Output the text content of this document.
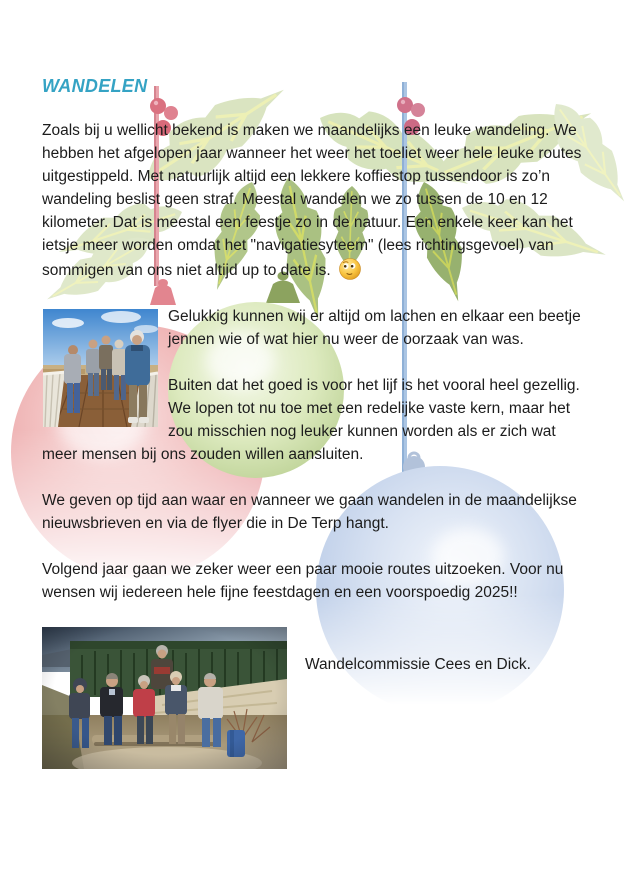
WANDELEN

Zoals bij u wellicht bekend is maken we maandelijks een leuke wandeling. We hebben het afgelopen jaar wanneer het weer het toeliet weer hele leuke routes uitgestippeld. Met natuurlijk altijd een lekkere koffiestop tussendoor is zo’n wandeling beslist geen straf. Meestal wandelen we zo tussen de 10 en 12 kilometer. Dat is meestal een feestje zo in de natuur. Een enkele keer kan het ietsje meer worden omdat het "navigatiesyteem" (lees richtingsgevoel) van sommigen van ons niet altijd up to date is.

Gelukkig kunnen wij er altijd om lachen en elkaar een beetje jennen wie of wat hier nu weer de oorzaak van was.

Buiten dat het goed is voor het lijf is het vooral heel gezellig. We lopen tot nu toe met een redelijke vaste kern, maar het zou misschien nog leuker kunnen worden als er zich wat meer mensen bij ons zouden willen aansluiten.

We geven op tijd aan waar en wanneer we gaan wandelen in de maandelijkse nieuwsbrieven en via de flyer die in De Terp hangt.

Volgend jaar gaan we zeker weer een paar mooie routes uitzoeken. Voor nu wensen wij iedereen hele fijne feestdagen en een voorspoedig 2025!!

Wandelcommissie Cees en Dick.
